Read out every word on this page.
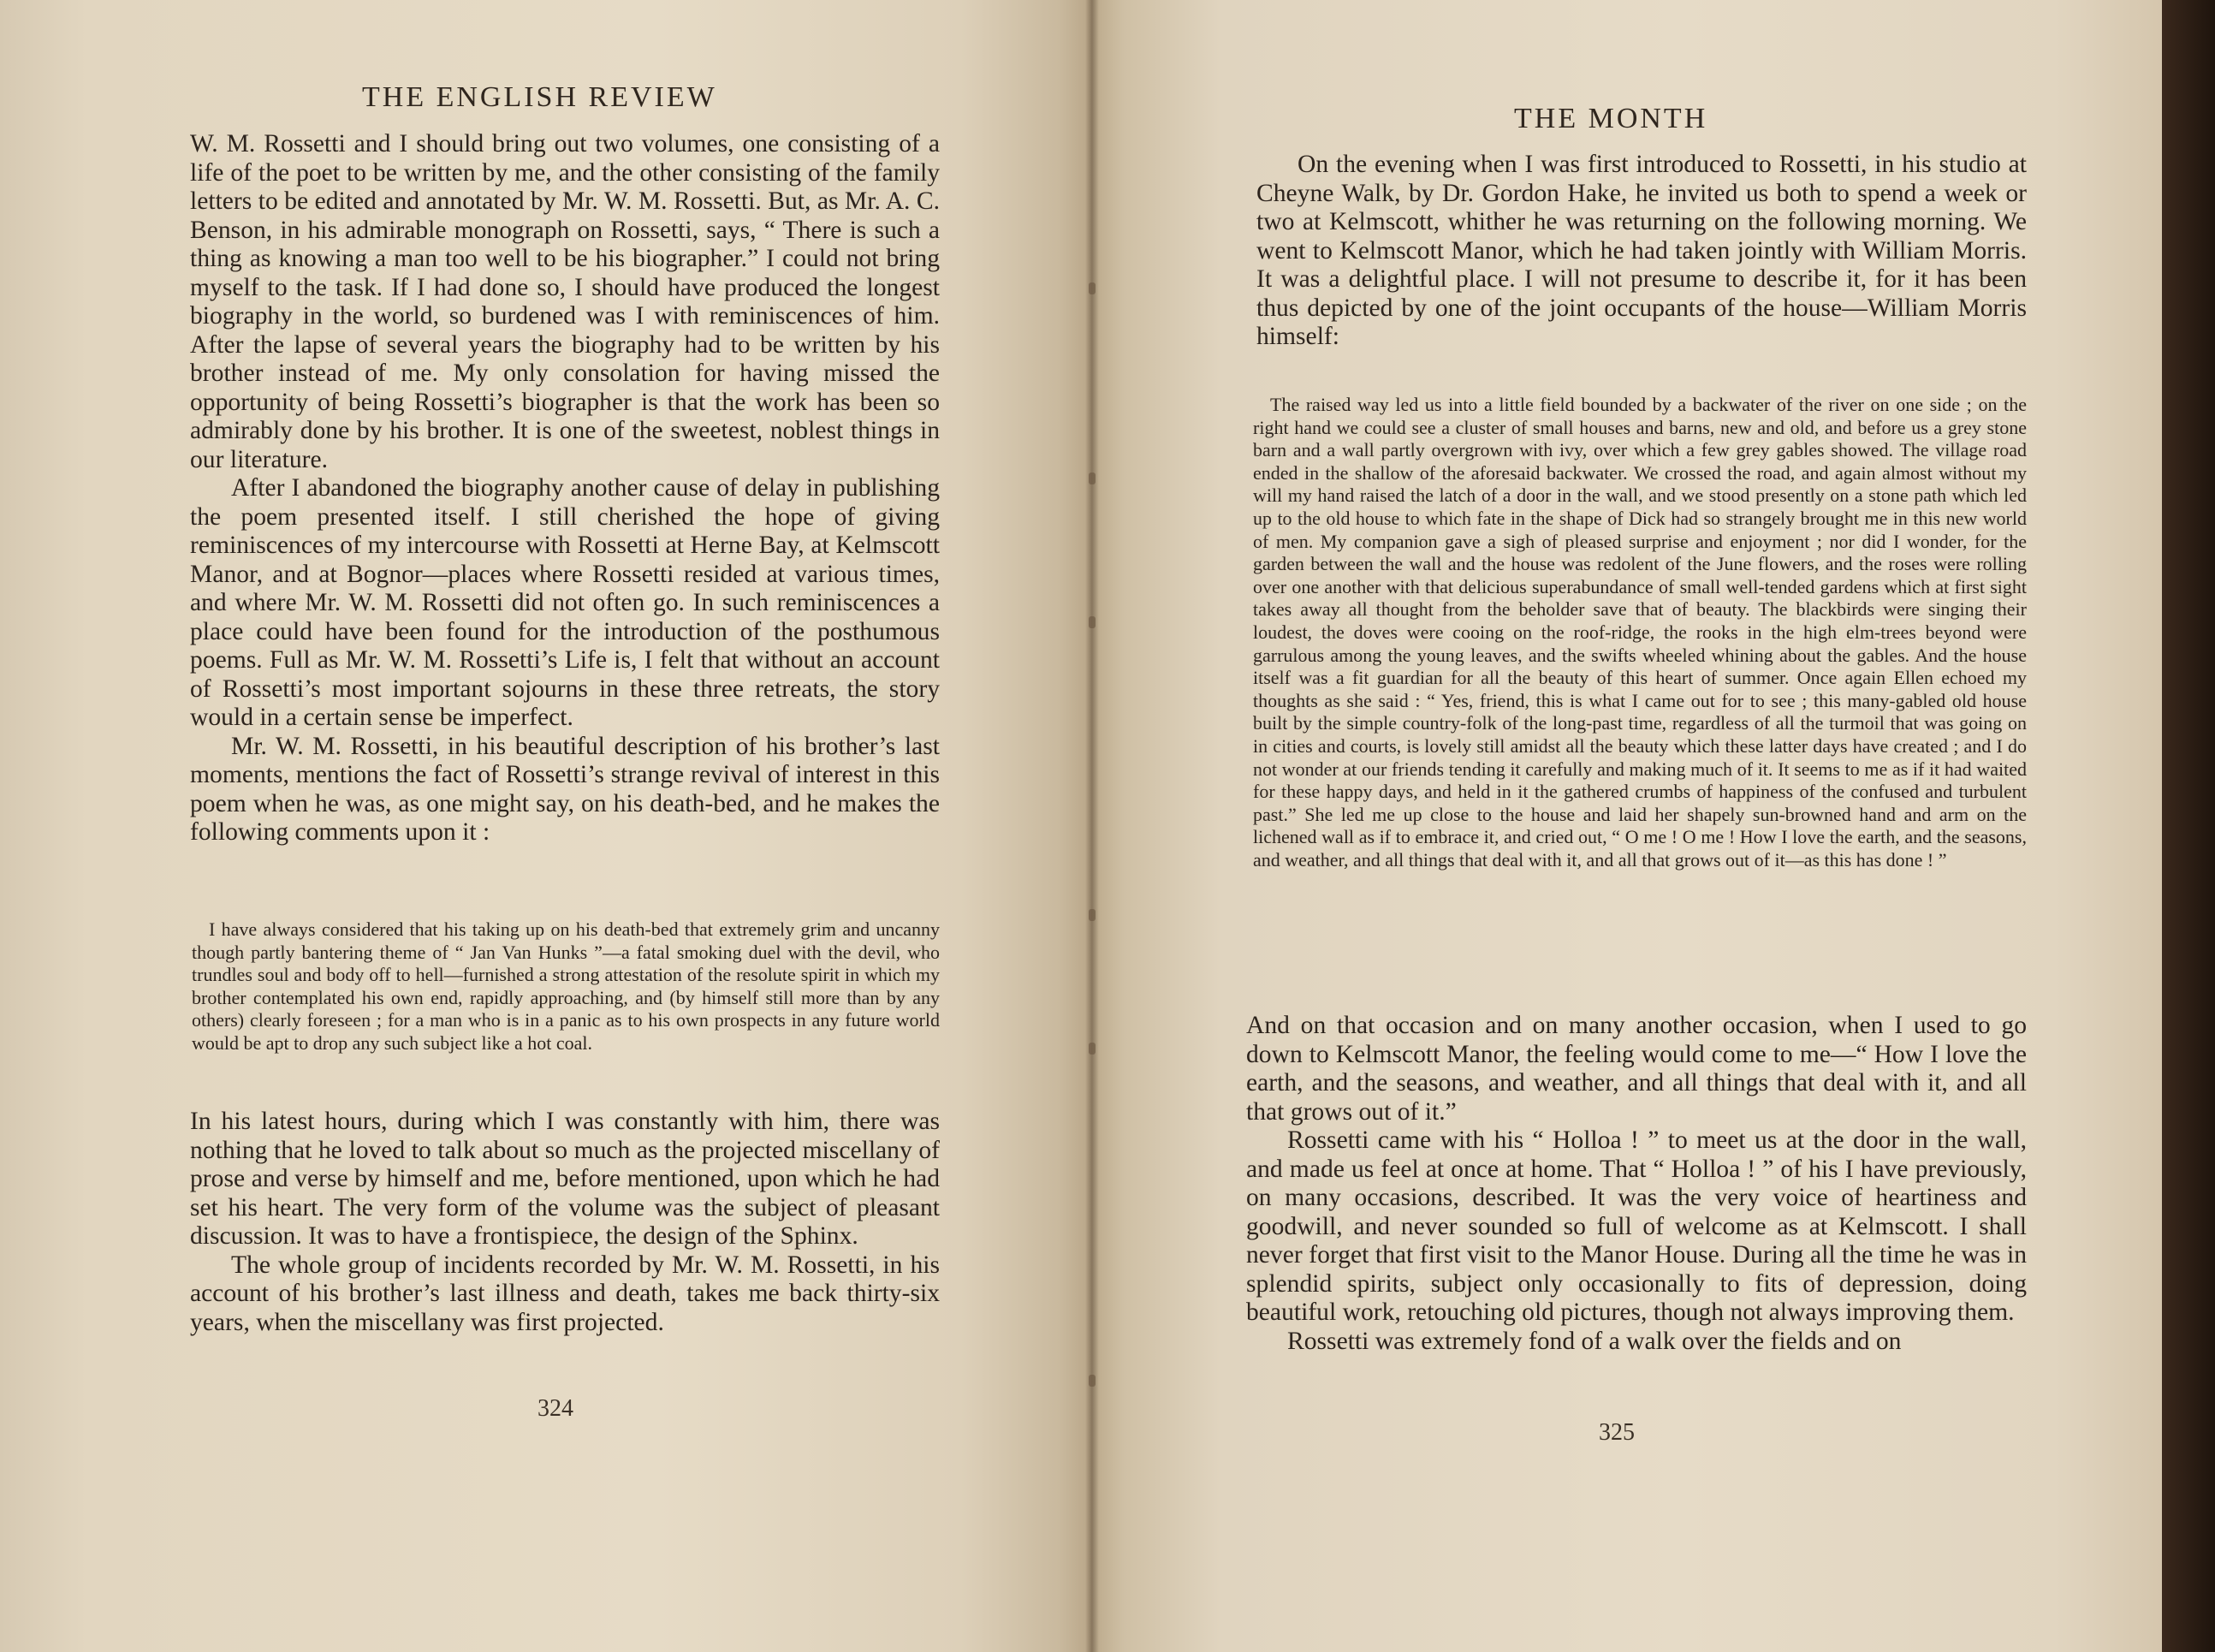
THE ENGLISH REVIEW

W. M. Rossetti and I should bring out two volumes, one consisting of a life of the poet to be written by me, and the other consisting of the family letters to be edited and annotated by Mr. W. M. Rossetti. But, as Mr. A. C. Benson, in his admirable monograph on Rossetti, says, “ There is such a thing as knowing a man too well to be his biographer.” I could not bring myself to the task. If I had done so, I should have produced the longest biography in the world, so burdened was I with reminiscences of him. After the lapse of several years the biography had to be written by his brother instead of me. My only consolation for having missed the opportunity of being Rossetti’s biographer is that the work has been so admirably done by his brother. It is one of the sweetest, noblest things in our literature.

After I abandoned the biography another cause of delay in publishing the poem presented itself. I still cherished the hope of giving reminiscences of my intercourse with Rossetti at Herne Bay, at Kelmscott Manor, and at Bognor—places where Rossetti resided at various times, and where Mr. W. M. Rossetti did not often go. In such reminiscences a place could have been found for the introduction of the posthumous poems. Full as Mr. W. M. Rossetti’s Life is, I felt that without an account of Rossetti’s most important sojourns in these three retreats, the story would in a certain sense be imperfect.

Mr. W. M. Rossetti, in his beautiful description of his brother’s last moments, mentions the fact of Rossetti’s strange revival of interest in this poem when he was, as one might say, on his death-bed, and he makes the following comments upon it :

I have always considered that his taking up on his death-bed that extremely grim and uncanny though partly bantering theme of “ Jan Van Hunks ”—a fatal smoking duel with the devil, who trundles soul and body off to hell—furnished a strong attestation of the resolute spirit in which my brother contemplated his own end, rapidly approaching, and (by himself still more than by any others) clearly foreseen ; for a man who is in a panic as to his own prospects in any future world would be apt to drop any such subject like a hot coal.

In his latest hours, during which I was constantly with him, there was nothing that he loved to talk about so much as the projected miscellany of prose and verse by himself and me, before mentioned, upon which he had set his heart. The very form of the volume was the subject of pleasant discussion. It was to have a frontispiece, the design of the Sphinx.

The whole group of incidents recorded by Mr. W. M. Rossetti, in his account of his brother’s last illness and death, takes me back thirty-six years, when the miscellany was first projected.

324
THE MONTH

On the evening when I was first introduced to Rossetti, in his studio at Cheyne Walk, by Dr. Gordon Hake, he invited us both to spend a week or two at Kelmscott, whither he was returning on the following morning. We went to Kelmscott Manor, which he had taken jointly with William Morris. It was a delightful place. I will not presume to describe it, for it has been thus depicted by one of the joint occupants of the house—William Morris himself:

The raised way led us into a little field bounded by a backwater of the river on one side ; on the right hand we could see a cluster of small houses and barns, new and old, and before us a grey stone barn and a wall partly overgrown with ivy, over which a few grey gables showed. The village road ended in the shallow of the aforesaid backwater. We crossed the road, and again almost without my will my hand raised the latch of a door in the wall, and we stood presently on a stone path which led up to the old house to which fate in the shape of Dick had so strangely brought me in this new world of men. My companion gave a sigh of pleased surprise and enjoyment ; nor did I wonder, for the garden between the wall and the house was redolent of the June flowers, and the roses were rolling over one another with that delicious superabundance of small well-tended gardens which at first sight takes away all thought from the beholder save that of beauty. The blackbirds were singing their loudest, the doves were cooing on the roof-ridge, the rooks in the high elm-trees beyond were garrulous among the young leaves, and the swifts wheeled whining about the gables. And the house itself was a fit guardian for all the beauty of this heart of summer. Once again Ellen echoed my thoughts as she said : “ Yes, friend, this is what I came out for to see ; this many-gabled old house built by the simple country-folk of the long-past time, regardless of all the turmoil that was going on in cities and courts, is lovely still amidst all the beauty which these latter days have created ; and I do not wonder at our friends tending it carefully and making much of it. It seems to me as if it had waited for these happy days, and held in it the gathered crumbs of happiness of the confused and turbulent past.” She led me up close to the house and laid her shapely sun-browned hand and arm on the lichened wall as if to embrace it, and cried out, “ O me ! O me ! How I love the earth, and the seasons, and weather, and all things that deal with it, and all that grows out of it—as this has done ! ”

And on that occasion and on many another occasion, when I used to go down to Kelmscott Manor, the feeling would come to me—“ How I love the earth, and the seasons, and weather, and all things that deal with it, and all that grows out of it.”

Rossetti came with his “ Holloa ! ” to meet us at the door in the wall, and made us feel at once at home. That “ Holloa ! ” of his I have previously, on many occasions, described. It was the very voice of heartiness and goodwill, and never sounded so full of welcome as at Kelmscott. I shall never forget that first visit to the Manor House. During all the time he was in splendid spirits, subject only occasionally to fits of depression, doing beautiful work, retouching old pictures, though not always improving them.

Rossetti was extremely fond of a walk over the fields and on

325
